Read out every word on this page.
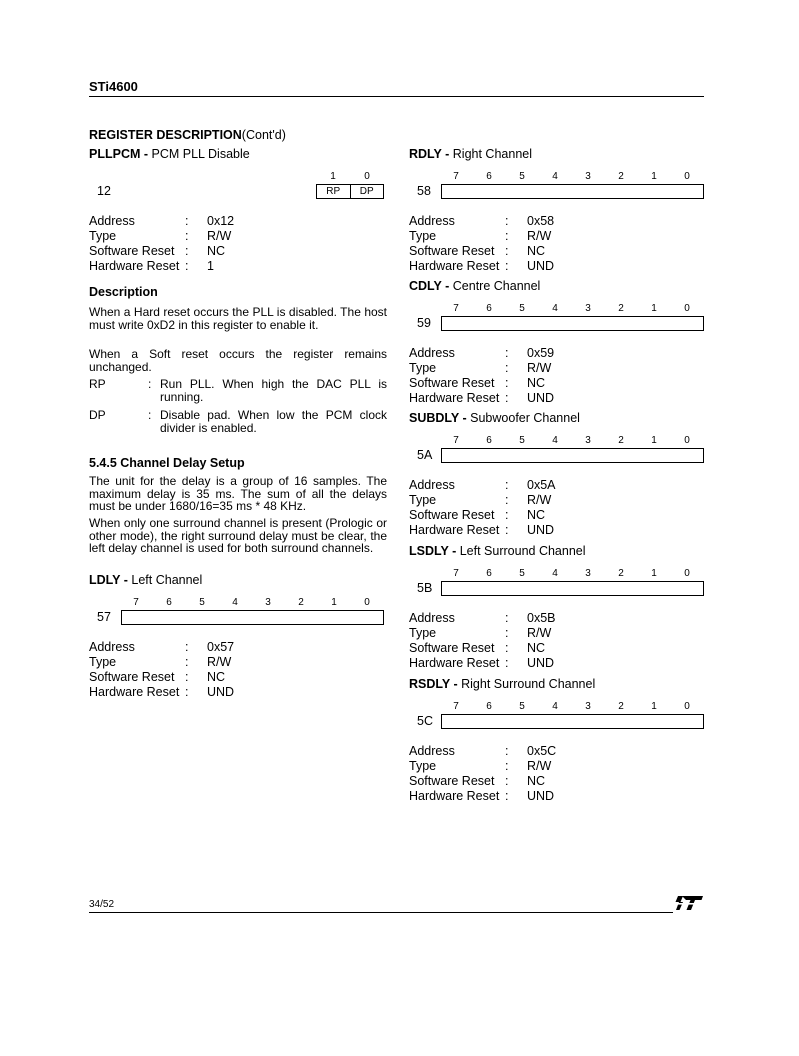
STi4600
REGISTER DESCRIPTION(Cont'd)
PLLPCM - PCM PLL Disable
1	0
12	RP	DP
Address	: 0x12
Type	: R/W
Software Reset : NC
Hardware Reset : 1
Description
When a Hard reset occurs the PLL is disabled. The host must write 0xD2 in this register to enable it.
When a Soft reset occurs the register remains unchanged.
RP	: Run PLL. When high the DAC PLL is running.
DP	: Disable pad. When low the PCM clock divider is enabled.
5.4.5 Channel Delay Setup
The unit for the delay is a group of 16 samples. The maximum delay is 35 ms. The sum of all the delays must be under 1680/16=35 ms * 48 KHz.
When only one surround channel is present (Prologic or other mode), the right surround delay must be clear, the left delay channel is used for both surround channels.
LDLY - Left Channel
7	6	5	4	3	2	1	0
57
Address	: 0x57
Type	: R/W
Software Reset : NC
Hardware Reset : UND
RDLY - Right Channel
7	6	5	4	3	2	1	0
58
Address	: 0x58
Type	: R/W
Software Reset : NC
Hardware Reset : UND
CDLY - Centre Channel
7	6	5	4	3	2	1	0
59
Address	: 0x59
Type	: R/W
Software Reset : NC
Hardware Reset : UND
SUBDLY - Subwoofer Channel
7	6	5	4	3	2	1	0
5A
Address	: 0x5A
Type	: R/W
Software Reset : NC
Hardware Reset : UND
LSDLY - Left Surround Channel
7	6	5	4	3	2	1	0
5B
Address	: 0x5B
Type	: R/W
Software Reset : NC
Hardware Reset : UND
RSDLY - Right Surround Channel
7	6	5	4	3	2	1	0
5C
Address	: 0x5C
Type	: R/W
Software Reset : NC
Hardware Reset : UND
34/52
